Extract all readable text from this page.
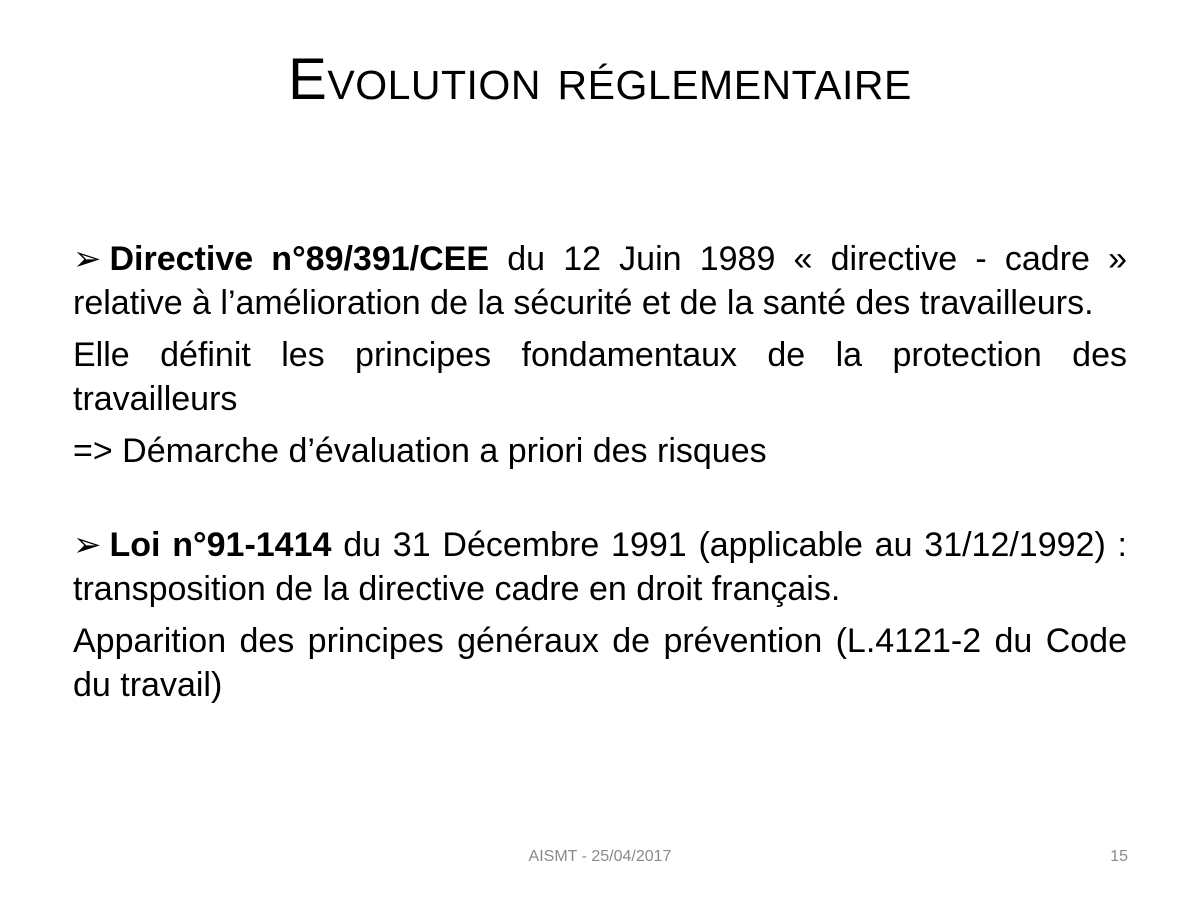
Evolution réglementaire

➢ Directive n°89/391/CEE du 12 Juin 1989 « directive - cadre » relative à l’amélioration de la sécurité et de la santé des travailleurs.

Elle définit les principes fondamentaux de la protection des travailleurs

=> Démarche d’évaluation a priori des risques

➢ Loi n°91-1414 du 31 Décembre 1991 (applicable au 31/12/1992) : transposition de la directive cadre en droit français.

Apparition des principes généraux de prévention (L.4121-2 du Code du travail)

AISMT - 25/04/2017	15
